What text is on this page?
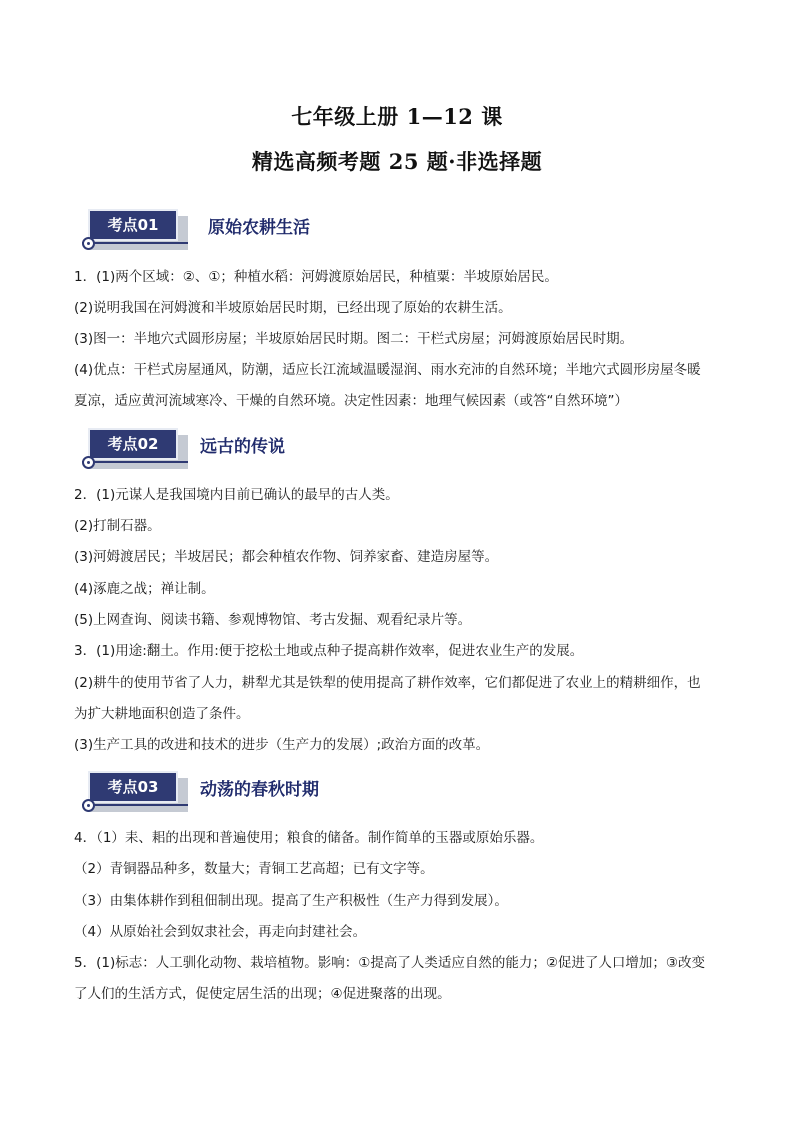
七年级上册 1—12 课
精选高频考题 25 题·非选择题
考点01	原始农耕生活
1．(1)两个区域：②、①；种植水稻：河姆渡原始居民，种植粟：半坡原始居民。
(2)说明我国在河姆渡和半坡原始居民时期，已经出现了原始的农耕生活。
(3)图一：半地穴式圆形房屋；半坡原始居民时期。图二：干栏式房屋；河姆渡原始居民时期。
(4)优点：干栏式房屋通风，防潮，适应长江流域温暖湿润、雨水充沛的自然环境；半地穴式圆形房屋冬暖
夏凉，适应黄河流域寒冷、干燥的自然环境。决定性因素：地理气候因素（或答“自然环境”）
考点02	远古的传说
2．(1)元谋人是我国境内目前已确认的最早的古人类。
(2)打制石器。
(3)河姆渡居民；半坡居民；都会种植农作物、饲养家畜、建造房屋等。
(4)涿鹿之战；禅让制。
(5)上网查询、阅读书籍、参观博物馆、考古发掘、观看纪录片等。
3．(1)用途:翻土。作用:便于挖松土地或点种子提高耕作效率，促进农业生产的发展。
(2)耕牛的使用节省了人力，耕犁尤其是铁犁的使用提高了耕作效率，它们都促进了农业上的精耕细作，也
为扩大耕地面积创造了条件。
(3)生产工具的改进和技术的进步（生产力的发展）;政治方面的改革。
考点03	动荡的春秋时期
4．（1）耒、耜的出现和普遍使用；粮食的储备。制作简单的玉器或原始乐器。
（2）青铜器品种多，数量大；青铜工艺高超；已有文字等。
（3）由集体耕作到租佃制出现。提高了生产积极性（生产力得到发展）。
（4）从原始社会到奴隶社会，再走向封建社会。
5．(1)标志：人工驯化动物、栽培植物。影响：①提高了人类适应自然的能力；②促进了人口增加；③改变
了人们的生活方式，促使定居生活的出现；④促进聚落的出现。
